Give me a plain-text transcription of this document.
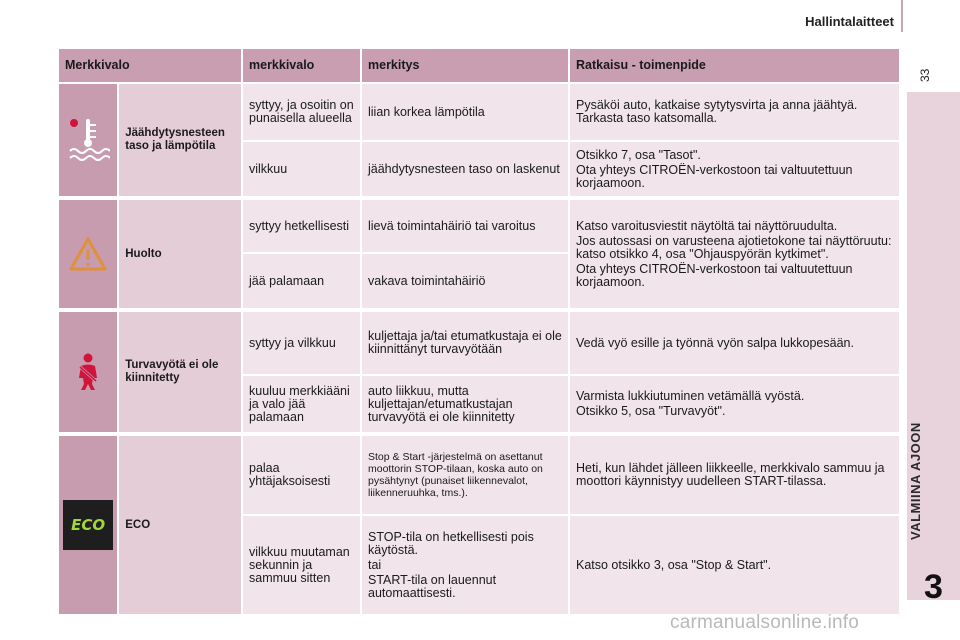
Hallintalaitteet
33
3
Merkkivalo		merkkivalo	merkitys	Ratkaisu - toimenpide

	Jäähdytysnesteen taso ja lämpötila	syttyy, ja osoitin on punaisella alueella	liian korkea lämpötila	Pysäköi auto, katkaise sytytysvirta ja anna jäähtyä. Tarkasta taso katsomalla.

		vilkkuu	jäähdytysnesteen taso on laskenut	Otsikko 7, osa "Tasot".

Ota yhteys CITROËN-verkostoon tai valtuutettuun korjaamoon.

	Huolto	syttyy hetkellisesti	lievä toimintahäiriö tai varoitus	Katso varoitusviestit näytöltä tai näyttöruudulta.

Jos autossasi on varusteena ajotietokone tai näyttöruutu: katso otsikko 4, osa "Ohjauspyörän kytkimet".

Ota yhteys CITROËN-verkostoon tai valtuutettuun korjaamoon.

		jää palamaan	vakava toimintahäiriö	

	Turvavyötä ei ole kiinnitetty	syttyy ja vilkkuu	kuljettaja ja/tai etumatkustaja ei ole kiinnittänyt turvavyötään	Vedä vyö esille ja työnnä vyön salpa lukkopesään.

		kuuluu merkkiääni ja valo jää palamaan	auto liikkuu, mutta kuljettajan/etumatkustajan turvavyötä ei ole kiinnitetty	Varmista lukkiutuminen vetämällä vyöstä.

Otsikko 5, osa "Turvavyöt".

ECO	ECO	palaa yhtäjaksoisesti	Stop & Start -järjestelmä on asettanut moottorin STOP-tilaan, koska auto on pysähtynyt (punaiset liikennevalot, liikenneruuhka, tms.).	Heti, kun lähdet jälleen liikkeelle, merkkivalo sammuu ja moottori käynnistyy uudelleen START-tilassa.

		vilkkuu muutaman sekunnin ja sammuu sitten	STOP-tila on hetkellisesti pois käytöstä.

tai

START-tila on lauennut automaattisesti.	Katso otsikko 3, osa "Stop & Start".

carmanualsonline.info
